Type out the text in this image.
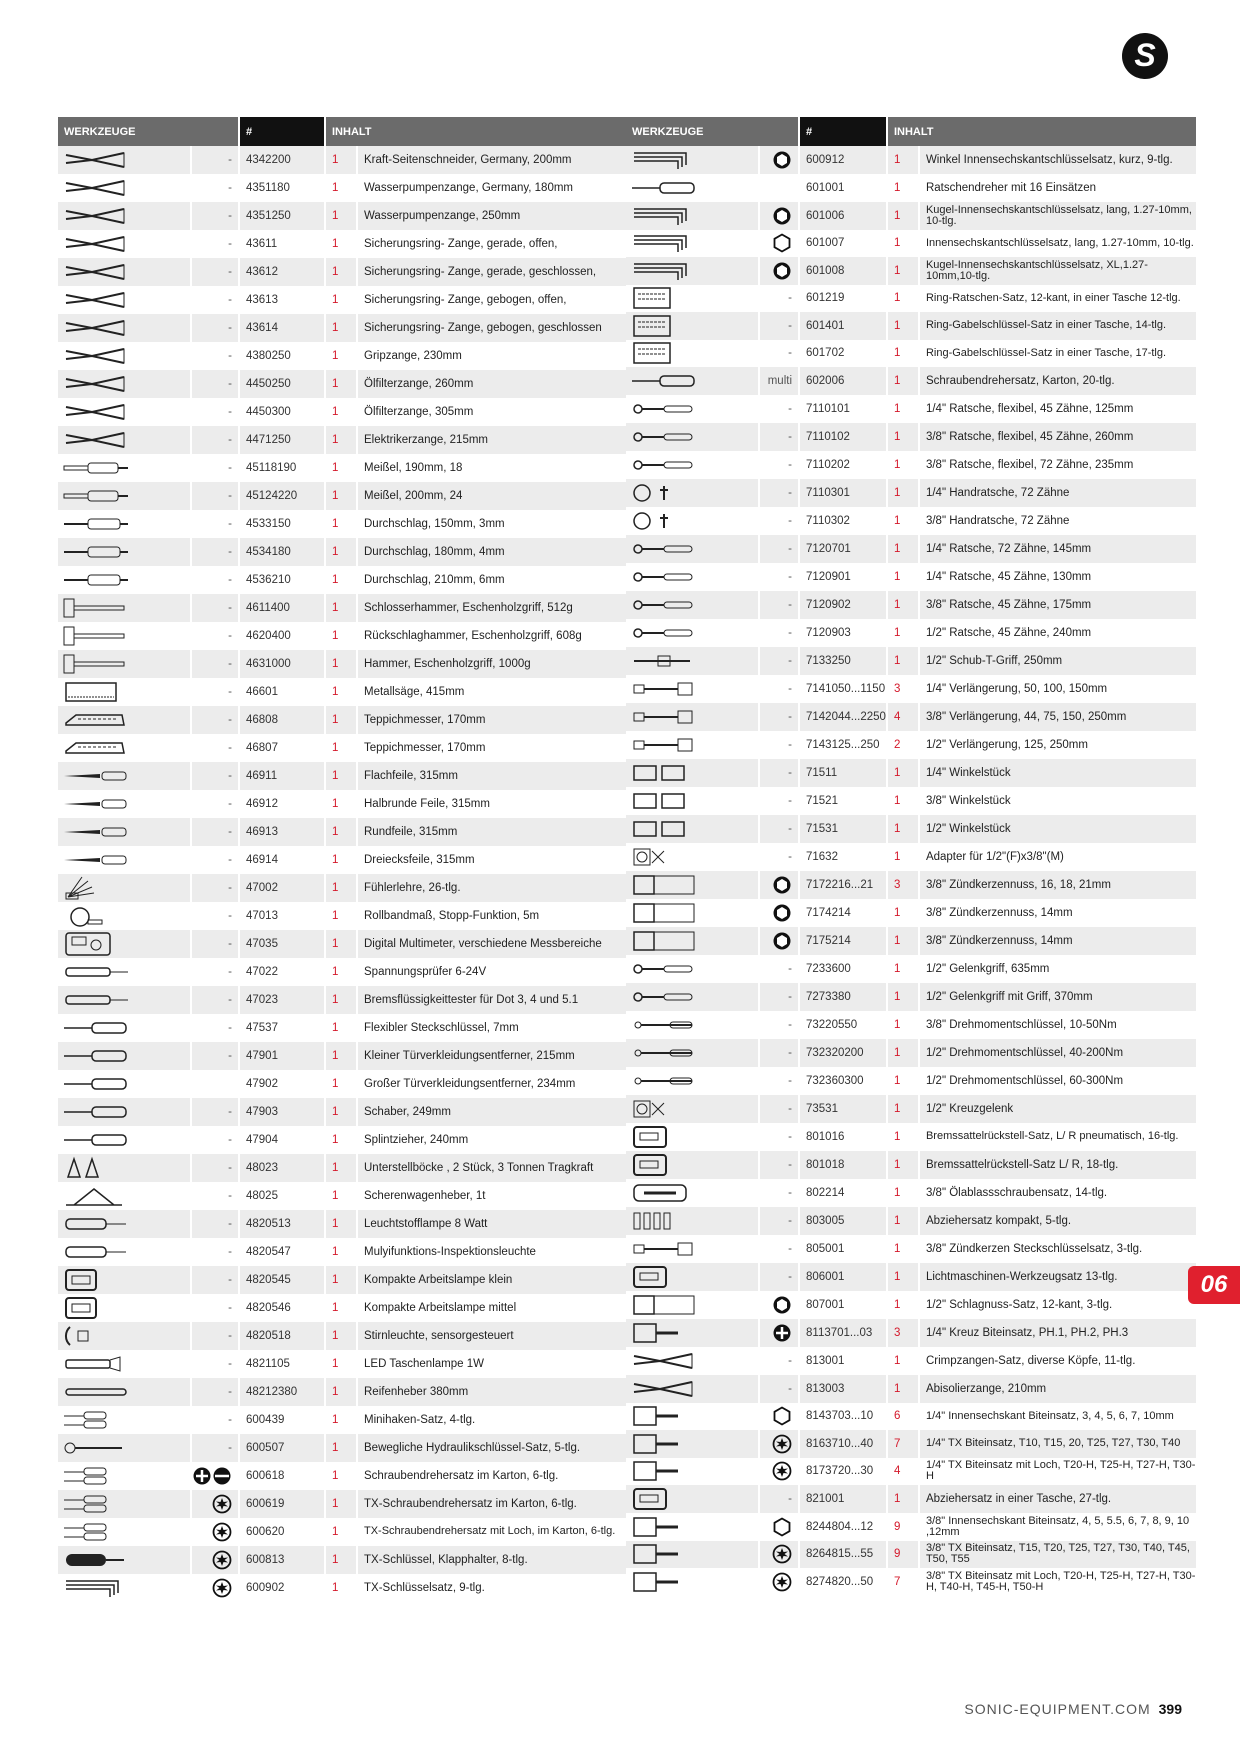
S
WERKZEUGE		#	INHALT	

	-	4342200	1	Kraft-Seitenschneider, Germany, 200mm

	-	4351180	1	Wasserpumpenzange, Germany, 180mm

	-	4351250	1	Wasserpumpenzange, 250mm

	-	43611	1	Sicherungsring- Zange, gerade, offen,

	-	43612	1	Sicherungsring- Zange, gerade, geschlossen,

	-	43613	1	Sicherungsring- Zange, gebogen, offen,

	-	43614	1	Sicherungsring- Zange, gebogen, geschlossen

	-	4380250	1	Gripzange, 230mm

	-	4450250	1	Ölfilterzange, 260mm

	-	4450300	1	Ölfilterzange, 305mm

	-	4471250	1	Elektrikerzange, 215mm

	-	45118190	1	Meißel, 190mm, 18

	-	45124220	1	Meißel, 200mm, 24

	-	4533150	1	Durchschlag, 150mm, 3mm

	-	4534180	1	Durchschlag, 180mm, 4mm

	-	4536210	1	Durchschlag, 210mm, 6mm

	-	4611400	1	Schlosserhammer, Eschenholzgriff, 512g

	-	4620400	1	Rückschlaghammer, Eschenholzgriff, 608g

	-	4631000	1	Hammer, Eschenholzgriff, 1000g

	-	46601	1	Metallsäge, 415mm

	-	46808	1	Teppichmesser, 170mm

	-	46807	1	Teppichmesser, 170mm

	-	46911	1	Flachfeile, 315mm

	-	46912	1	Halbrunde Feile, 315mm

	-	46913	1	Rundfeile, 315mm

	-	46914	1	Dreiecksfeile, 315mm

	-	47002	1	Fühlerlehre, 26-tlg.

	-	47013	1	Rollbandmaß, Stopp-Funktion, 5m

	-	47035	1	Digital Multimeter, verschiedene Messbereiche

	-	47022	1	Spannungsprüfer 6-24V

	-	47023	1	Bremsflüssigkeittester für Dot 3, 4 und 5.1

	-	47537	1	Flexibler Steckschlüssel, 7mm

	-	47901	1	Kleiner Türverkleidungsentferner, 215mm

		47902	1	Großer Türverkleidungsentferner, 234mm

	-	47903	1	Schaber, 249mm

	-	47904	1	Splintzieher, 240mm

	-	48023	1	Unterstellböcke , 2 Stück, 3 Tonnen Tragkraft

	-	48025	1	Scherenwagenheber, 1t

	-	4820513	1	Leuchtstofflampe 8 Watt

	-	4820547	1	Mulyifunktions-Inspektionsleuchte

	-	4820545	1	Kompakte Arbeitslampe klein

	-	4820546	1	Kompakte Arbeitslampe mittel

	-	4820518	1	Stirnleuchte, sensorgesteuert

	-	4821105	1	LED Taschenlampe 1W

	-	48212380	1	Reifenheber 380mm

	-	600439	1	Minihaken-Satz, 4-tlg.

	-	600507	1	Bewegliche Hydraulikschlüssel-Satz, 5-tlg.

		600618	1	Schraubendrehersatz im Karton, 6-tlg.

		600619	1	TX-Schraubendrehersatz im Karton, 6-tlg.

		600620	1	TX-Schraubendrehersatz mit Loch, im Karton, 6-tlg.

		600813	1	TX-Schlüssel, Klapphalter, 8-tlg.

		600902	1	TX-Schlüsselsatz, 9-tlg.
WERKZEUGE		#	INHALT	

		600912	1	Winkel Innensechskantschlüsselsatz, kurz, 9-tlg.

		601001	1	Ratschendreher mit 16 Einsätzen

		601006	1	Kugel-Innensechskantschlüsselsatz, lang, 1.27-10mm, 10-tlg.

		601007	1	Innensechskantschlüsselsatz, lang, 1.27-10mm, 10-tlg.

		601008	1	Kugel-Innensechskantschlüsselsatz, XL,1.27-10mm,10-tlg.

	-	601219	1	Ring-Ratschen-Satz, 12-kant, in einer Tasche 12-tlg.

	-	601401	1	Ring-Gabelschlüssel-Satz in einer Tasche, 14-tlg.

	-	601702	1	Ring-Gabelschlüssel-Satz in einer Tasche, 17-tlg.

	multi	602006	1	Schraubendrehersatz, Karton, 20-tlg.

	-	7110101	1	1/4" Ratsche, flexibel, 45 Zähne, 125mm

	-	7110102	1	3/8" Ratsche, flexibel, 45 Zähne, 260mm

	-	7110202	1	3/8" Ratsche, flexibel, 72 Zähne, 235mm

	-	7110301	1	1/4" Handratsche, 72 Zähne

	-	7110302	1	3/8" Handratsche, 72 Zähne

	-	7120701	1	1/4" Ratsche, 72 Zähne, 145mm

	-	7120901	1	1/4" Ratsche, 45 Zähne, 130mm

	-	7120902	1	3/8" Ratsche, 45 Zähne, 175mm

	-	7120903	1	1/2" Ratsche, 45 Zähne, 240mm

	-	7133250	1	1/2" Schub-T-Griff, 250mm

	-	7141050...1150	3	1/4" Verlängerung, 50, 100, 150mm

	-	7142044...2250	4	3/8" Verlängerung, 44, 75, 150, 250mm

	-	7143125...250	2	1/2" Verlängerung, 125, 250mm

	-	71511	1	1/4" Winkelstück

	-	71521	1	3/8" Winkelstück

	-	71531	1	1/2" Winkelstück

	-	71632	1	Adapter für 1/2"(F)x3/8"(M)

		7172216...21	3	3/8" Zündkerzennuss, 16, 18, 21mm

		7174214	1	3/8" Zündkerzennuss, 14mm

		7175214	1	3/8" Zündkerzennuss, 14mm

	-	7233600	1	1/2" Gelenkgriff, 635mm

	-	7273380	1	1/2" Gelenkgriff mit Griff, 370mm

	-	73220550	1	3/8" Drehmomentschlüssel, 10-50Nm

	-	732320200	1	1/2" Drehmomentschlüssel, 40-200Nm

	-	732360300	1	1/2" Drehmomentschlüssel, 60-300Nm

	-	73531	1	1/2" Kreuzgelenk

	-	801016	1	Bremssattelrückstell-Satz, L/ R pneumatisch, 16-tlg.

	-	801018	1	Bremssattelrückstell-Satz L/ R, 18-tlg.

	-	802214	1	3/8" Ölablassschraubensatz, 14-tlg.

	-	803005	1	Abziehersatz kompakt, 5-tlg.

	-	805001	1	3/8" Zündkerzen Steckschlüsselsatz, 3-tlg.

	-	806001	1	Lichtmaschinen-Werkzeugsatz 13-tlg.

		807001	1	1/2" Schlagnuss-Satz, 12-kant, 3-tlg.

		8113701...03	3	1/4" Kreuz Biteinsatz, PH.1, PH.2, PH.3

	-	813001	1	Crimpzangen-Satz, diverse Köpfe, 11-tlg.

	-	813003	1	Abisolierzange, 210mm

		8143703...10	6	1/4" Innensechskant Biteinsatz, 3, 4, 5, 6, 7, 10mm

		8163710...40	7	1/4" TX Biteinsatz, T10, T15, 20, T25, T27, T30, T40

		8173720...30	4	1/4" TX Biteinsatz mit Loch, T20-H, T25-H, T27-H, T30-H

	-	821001	1	Abziehersatz in einer Tasche, 27-tlg.

		8244804...12	9	3/8" Innensechskant Biteinsatz, 4, 5, 5.5, 6, 7, 8, 9, 10 ,12mm

		8264815...55	9	3/8" TX Biteinsatz, T15, T20, T25, T27, T30, T40, T45, T50, T55

		8274820...50	7	3/8" TX Biteinsatz mit Loch, T20-H, T25-H, T27-H, T30-H, T40-H, T45-H, T50-H
06
SONIC-EQUIPMENT.COM 399
